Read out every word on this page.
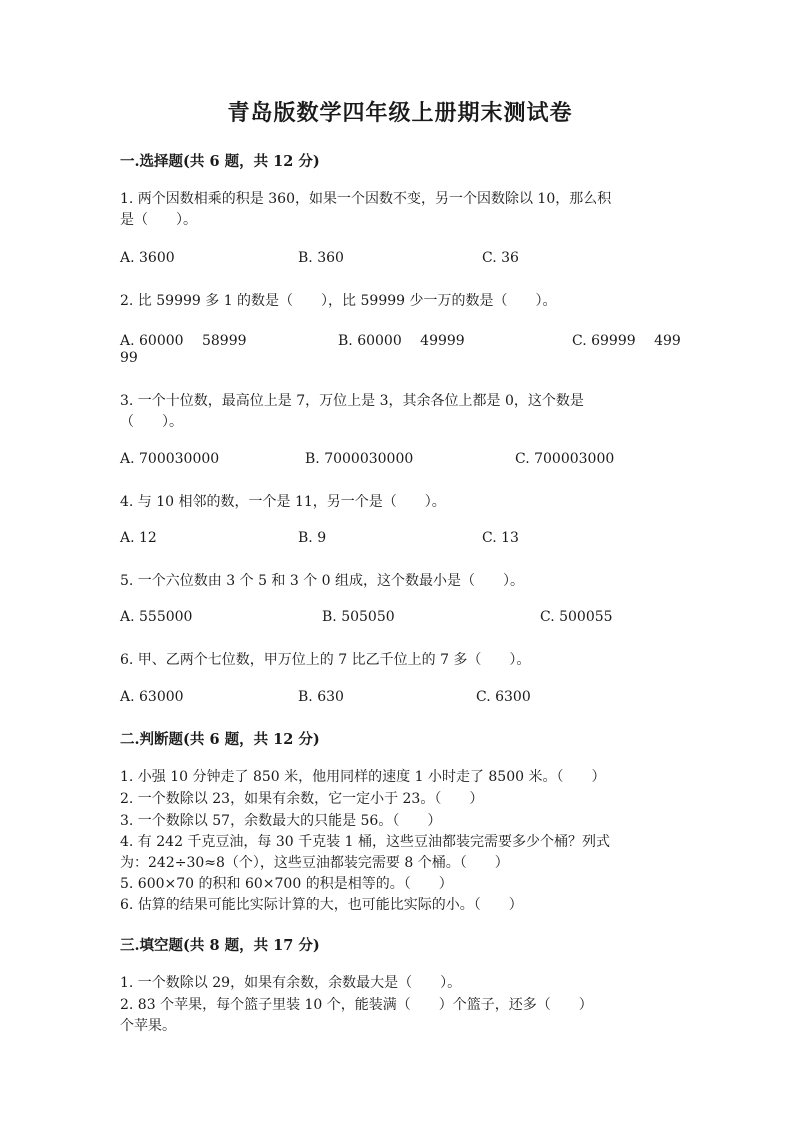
青岛版数学四年级上册期末测试卷
一.选择题(共 6 题，共 12 分)
1. 两个因数相乘的积是 360，如果一个因数不变，另一个因数除以 10，那么积
是（　　）。
A. 3600	B. 360	C. 36
2. 比 59999 多 1 的数是（　　），比 59999 少一万的数是（　　）。
A. 60000　 58999	B. 60000　 49999	C. 69999　 499
99
3. 一个十位数，最高位上是 7，万位上是 3，其余各位上都是 0，这个数是
（　　）。
A. 700030000	B. 7000030000	C. 700003000
4. 与 10 相邻的数，一个是 11，另一个是（　　）。
A. 12	B. 9	C. 13
5. 一个六位数由 3 个 5 和 3 个 0 组成，这个数最小是（　　）。
A. 555000	B. 505050	C. 500055
6. 甲、乙两个七位数，甲万位上的 7 比乙千位上的 7 多（　　）。
A. 63000	B. 630	C. 6300
二.判断题(共 6 题，共 12 分)
1. 小强 10 分钟走了 850 米，他用同样的速度 1 小时走了 8500 米。（　　）
2. 一个数除以 23，如果有余数，它一定小于 23。（　　）
3. 一个数除以 57，余数最大的只能是 56。（　　）
4. 有 242 千克豆油，每 30 千克装 1 桶，这些豆油都装完需要多少个桶？列式
为：242÷30≈8（个），这些豆油都装完需要 8 个桶。（　　）
5. 600×70 的积和 60×700 的积是相等的。（　　）
6. 估算的结果可能比实际计算的大，也可能比实际的小。（　　）
三.填空题(共 8 题，共 17 分)
1. 一个数除以 29，如果有余数，余数最大是（　　）。
2. 83 个苹果，每个篮子里装 10 个，能装满（　　）个篮子，还多（　　）
个苹果。
